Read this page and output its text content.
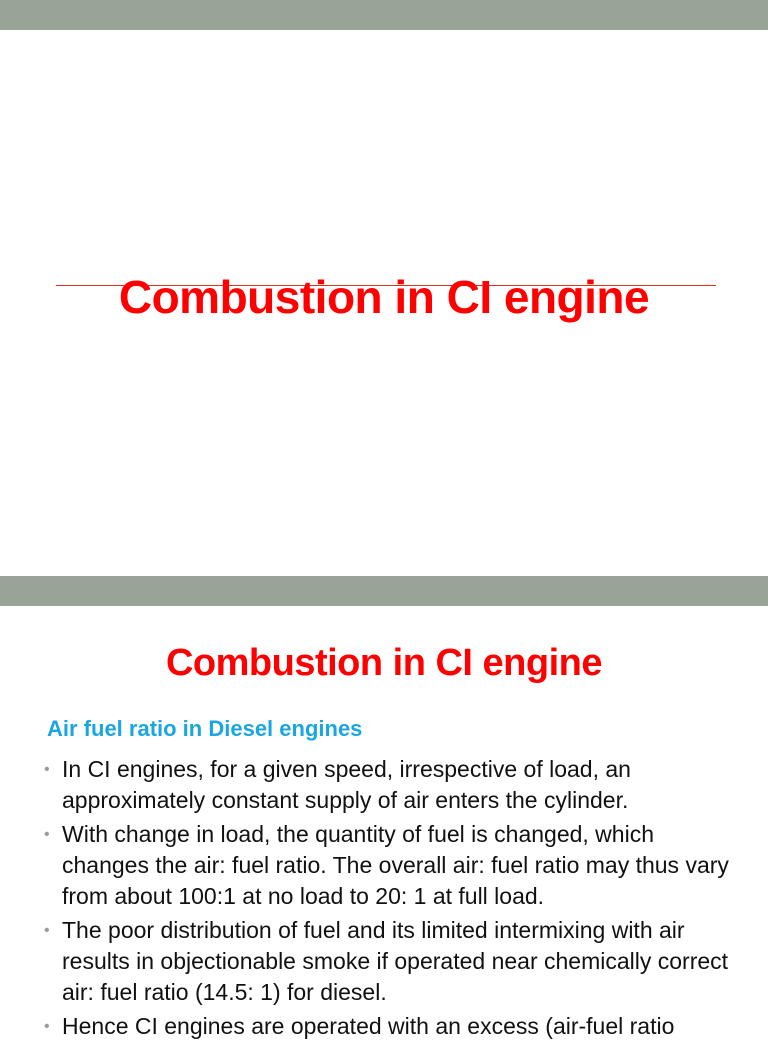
Combustion in CI engine
Combustion in CI engine
Air fuel ratio in Diesel engines
• In CI engines, for a given speed, irrespective of load, an approximately constant supply of air enters the cylinder.
• With change in load, the quantity of fuel is changed, which changes the air: fuel ratio. The overall air: fuel ratio may thus vary from about 100:1 at no load to 20: 1 at full load.
• The poor distribution of fuel and its limited intermixing with air results in objectionable smoke if operated near chemically correct air: fuel ratio (14.5: 1) for diesel.
• Hence CI engines are operated with an excess (air-fuel ratio
